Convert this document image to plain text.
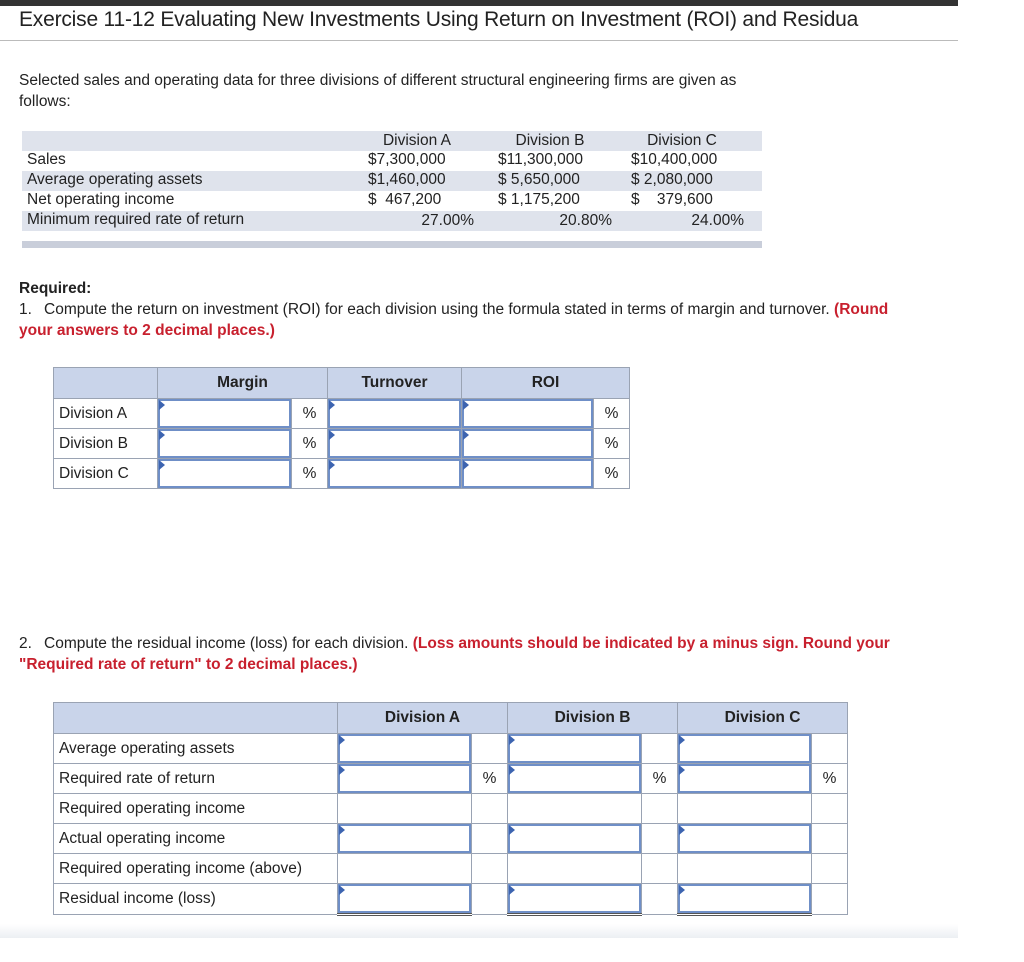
Exercise 11-12 Evaluating New Investments Using Return on Investment (ROI) and Residua
Selected sales and operating data for three divisions of different structural engineering firms are given as follows:
Division A	Division B	Division C
Sales	$7,300,000	$11,300,000	$10,400,000
Average operating assets	$1,460,000	$ 5,650,000	$ 2,080,000
Net operating income	$  467,200	$ 1,175,200	$    379,600
Minimum required rate of return	27.00%	20.80%	24.00%
Required:
1. Compute the return on investment (ROI) for each division using the formula stated in terms of margin and turnover. (Round your answers to 2 decimal places.)
	Margin		Turnover	ROI	
Division A		%			%
Division B		%			%
Division C		%			%
2. Compute the residual income (loss) for each division. (Loss amounts should be indicated by a minus sign. Round your "Required rate of return" to 2 decimal places.)
	Division A		Division B		Division C	
Average operating assets	

Required rate of return		%		%		%
Required operating income						
Actual operating income	

Required operating income (above)						
Residual income (loss)	
